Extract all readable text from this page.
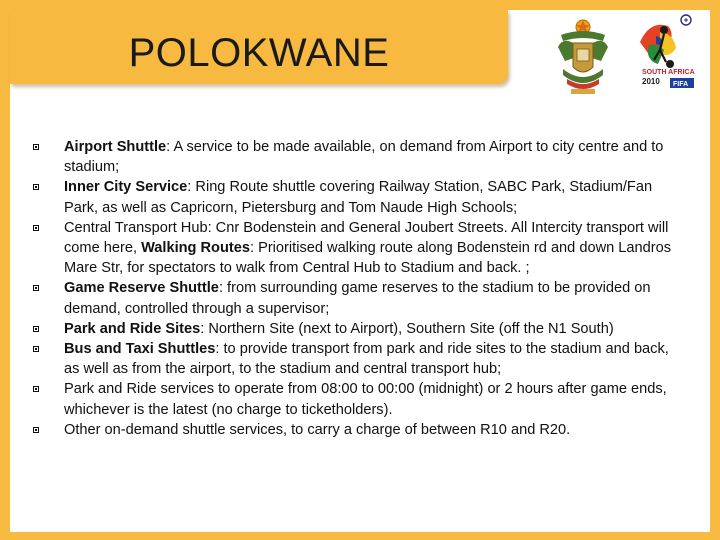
POLOKWANE	SOUTH AFRICA
2010 FIFA
Airport Shuttle: A service to be made available, on demand from Airport to city centre and to stadium;
Inner City Service: Ring Route shuttle covering Railway Station, SABC Park, Stadium/Fan Park, as well as Capricorn, Pietersburg and Tom Naude High Schools;
Central Transport Hub: Cnr Bodenstein and General Joubert Streets. All Intercity transport will come here, Walking Routes: Prioritised walking route along Bodenstein rd and down Landros Mare Str, for spectators to walk from Central Hub to Stadium and back. ;
Game Reserve Shuttle: from surrounding game reserves to the stadium to be provided on demand, controlled through a supervisor;
Park and Ride Sites: Northern Site (next to Airport), Southern Site (off the N1 South)
Bus and Taxi Shuttles: to provide transport from park and ride sites to the stadium and back, as well as from the airport, to the stadium and central transport hub;
Park and Ride services to operate from 08:00 to 00:00 (midnight) or 2 hours after game ends, whichever is the latest (no charge to ticketholders).
Other on-demand shuttle services, to carry a charge of between R10 and R20.
